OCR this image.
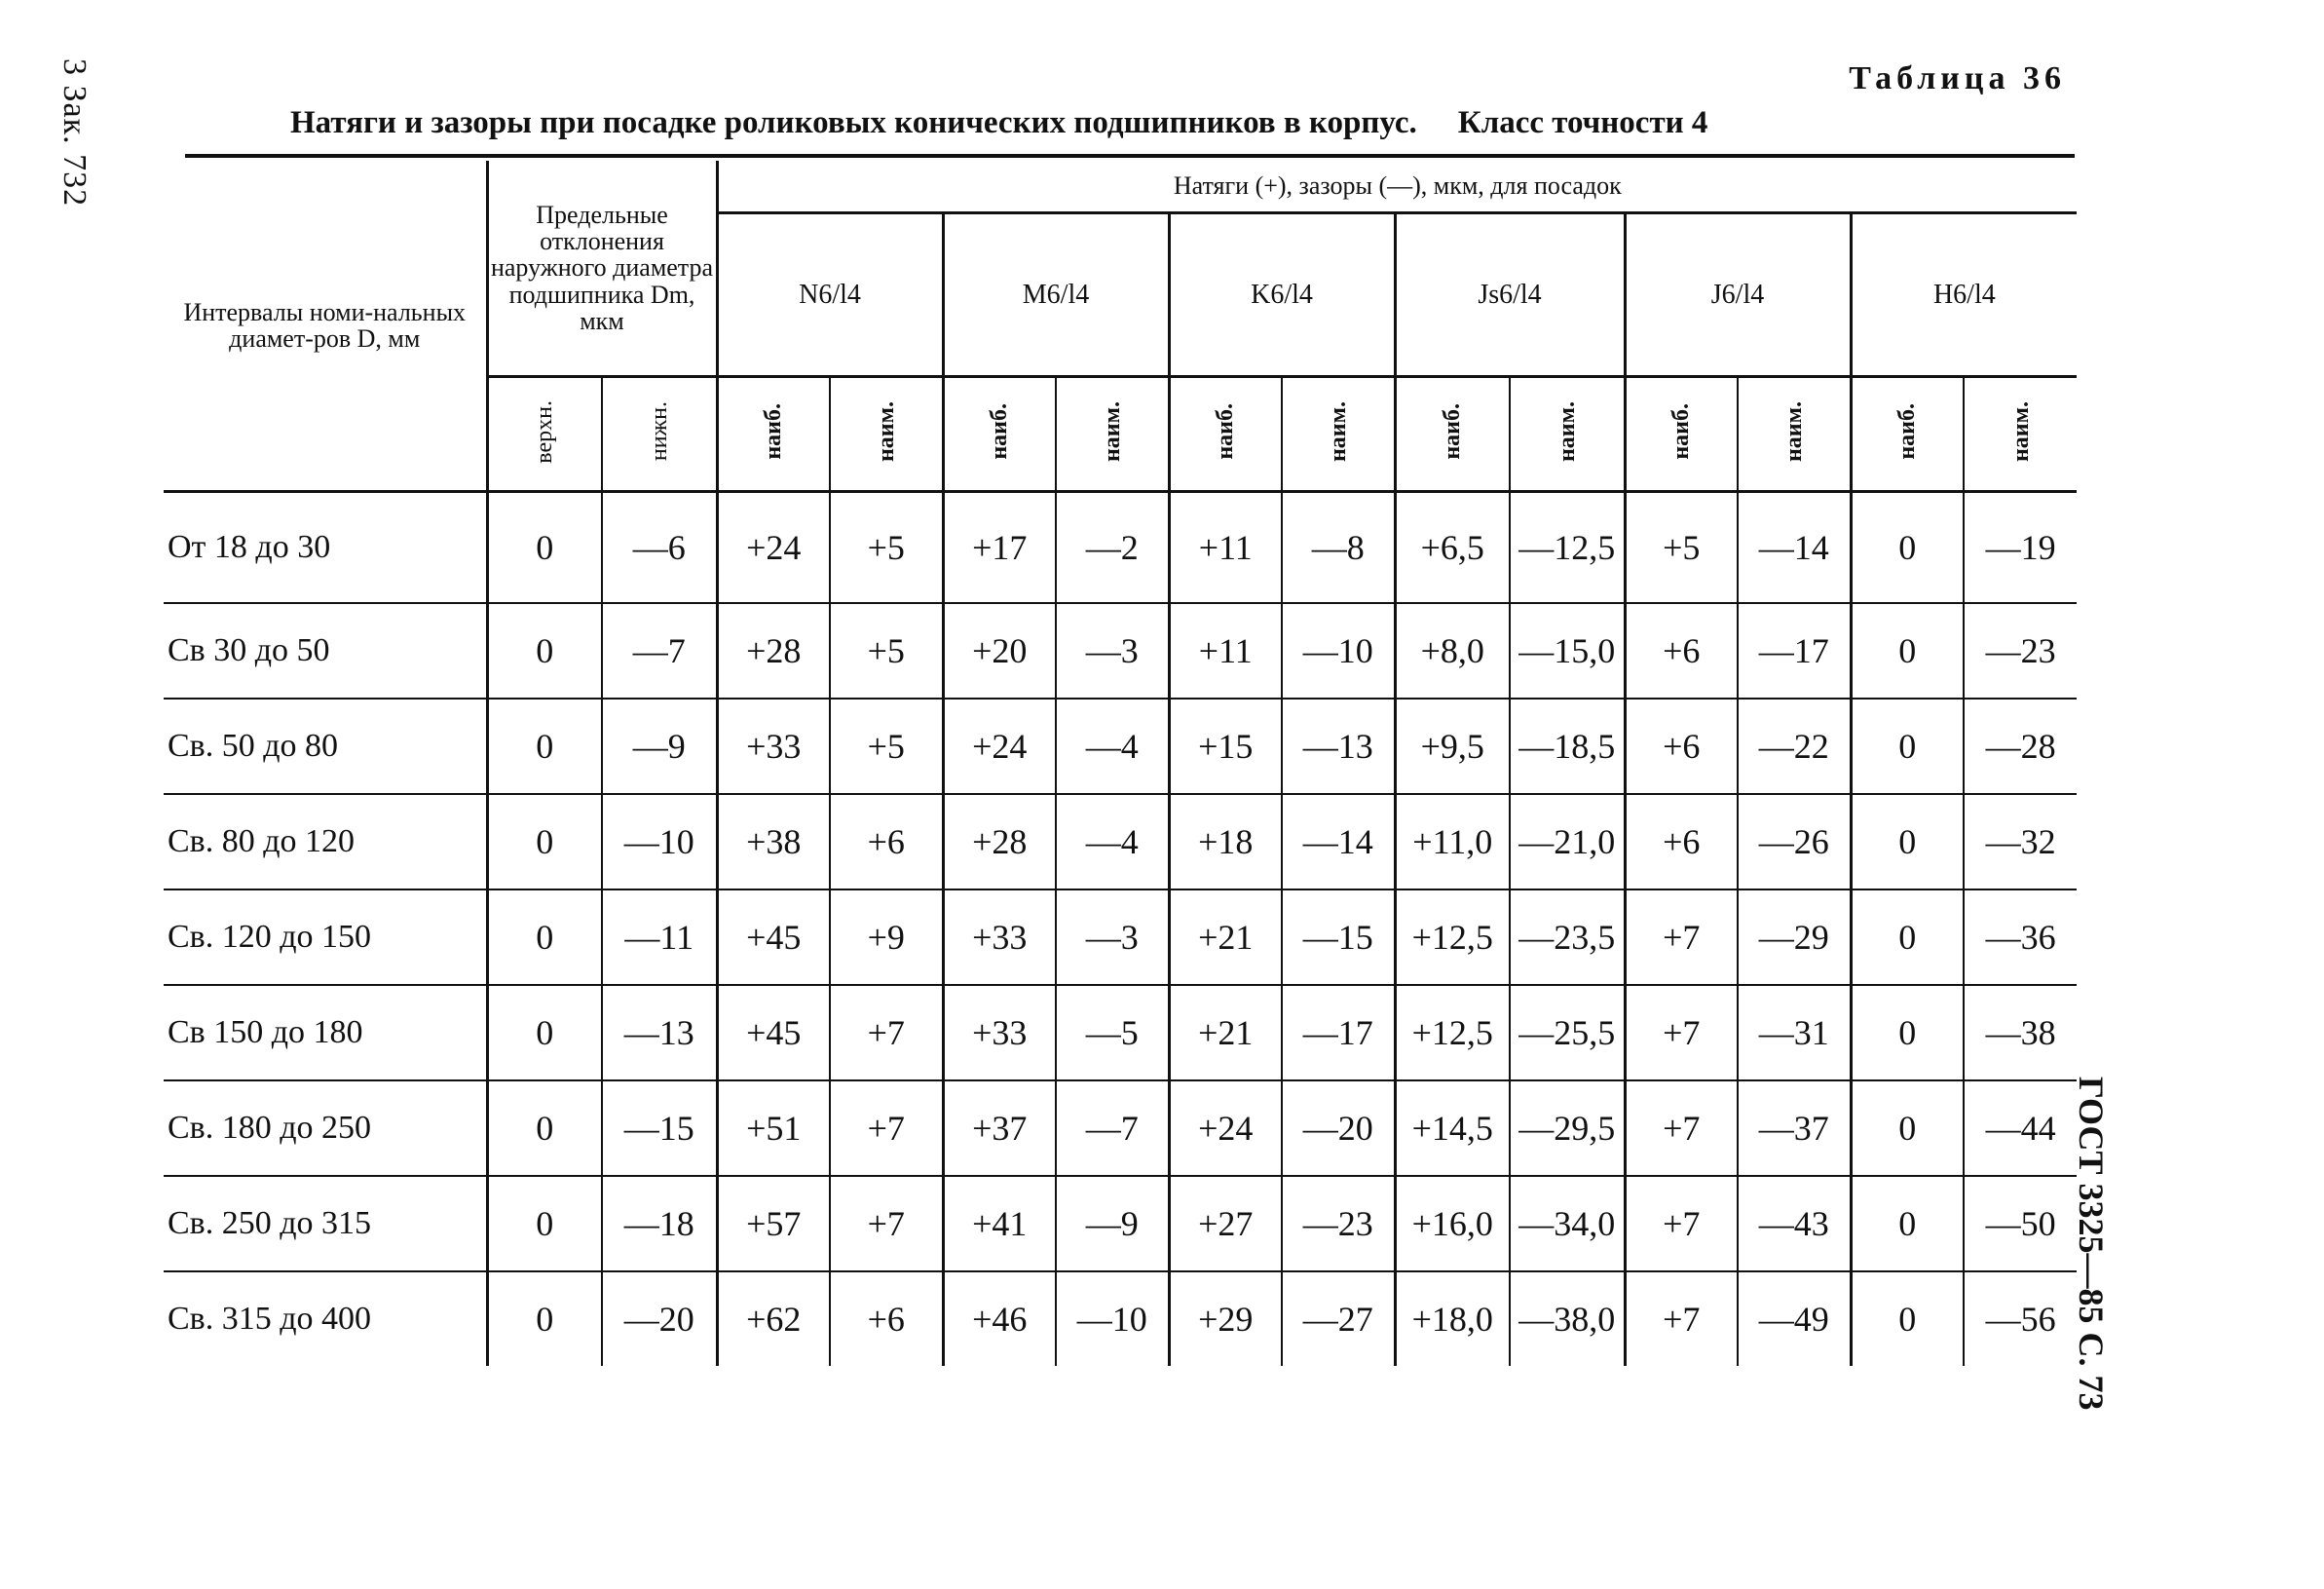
3 Зак. 732
ГОСТ 3325—85 С. 73
Таблица 36
Натяги и зазоры при посадке роликовых конических подшипников в корпус. Класс точности 4
Интервалы номи-нальных диамет-ров D, мм	Предельные отклонения наружного диаметра подшипника Dm, мкм		Натяги (+), зазоры (—), мкм, для посадок											
			N6/l4		M6/l4		K6/l4		Js6/l4		J6/l4		H6/l4	
	верхн.	нижн.	наиб.	наим.	наиб.	наим.	наиб.	наим.	наиб.	наим.	наиб.	наим.	наиб.	наим.
От 18 до 30	0	—6	+24	+5	+17	—2	+11	—8	+6,5	—12,5	+5	—14	0	—19
Св 30 до 50	0	—7	+28	+5	+20	—3	+11	—10	+8,0	—15,0	+6	—17	0	—23
Св. 50 до 80	0	—9	+33	+5	+24	—4	+15	—13	+9,5	—18,5	+6	—22	0	—28
Св. 80 до 120	0	—10	+38	+6	+28	—4	+18	—14	+11,0	—21,0	+6	—26	0	—32
Св. 120 до 150	0	—11	+45	+9	+33	—3	+21	—15	+12,5	—23,5	+7	—29	0	—36
Св 150 до 180	0	—13	+45	+7	+33	—5	+21	—17	+12,5	—25,5	+7	—31	0	—38
Св. 180 до 250	0	—15	+51	+7	+37	—7	+24	—20	+14,5	—29,5	+7	—37	0	—44
Св. 250 до 315	0	—18	+57	+7	+41	—9	+27	—23	+16,0	—34,0	+7	—43	0	—50
Св. 315 до 400	0	—20	+62	+6	+46	—10	+29	—27	+18,0	—38,0	+7	—49	0	—56
